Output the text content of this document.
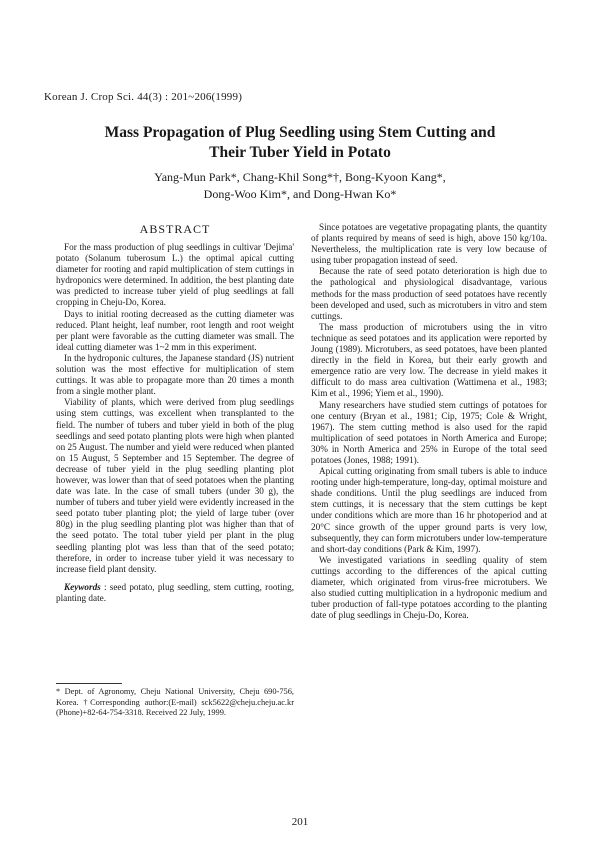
Korean J. Crop Sci. 44(3) : 201~206(1999)
Mass Propagation of Plug Seedling using Stem Cutting and
Their Tuber Yield in Potato
Yang-Mun Park*, Chang-Khil Song*†, Bong-Kyoon Kang*,
Dong-Woo Kim*, and Dong-Hwan Ko*
ABSTRACT

For the mass production of plug seedlings in cultivar 'Dejima' potato (Solanum tuberosum L.) the optimal apical cutting diameter for rooting and rapid multiplication of stem cuttings in hydroponics were determined. In addition, the best planting date was predicted to increase tuber yield of plug seedlings at fall cropping in Cheju-Do, Korea.

Days to initial rooting decreased as the cutting diameter was reduced. Plant height, leaf number, root length and root weight per plant were favorable as the cutting diameter was small. The ideal cutting diameter was 1~2 mm in this experiment.

In the hydroponic cultures, the Japanese standard (JS) nutrient solution was the most effective for multiplication of stem cuttings. It was able to propagate more than 20 times a month from a single mother plant.

Viability of plants, which were derived from plug seedlings using stem cuttings, was excellent when transplanted to the field. The number of tubers and tuber yield in both of the plug seedlings and seed potato planting plots were high when planted on 25 August. The number and yield were reduced when planted on 15 August, 5 September and 15 September. The degree of decrease of tuber yield in the plug seedling planting plot however, was lower than that of seed potatoes when the planting date was late. In the case of small tubers (under 30 g), the number of tubers and tuber yield were evidently increased in the seed potato tuber planting plot; the yield of large tuber (over 80g) in the plug seedling planting plot was higher than that of the seed potato. The total tuber yield per plant in the plug seedling planting plot was less than that of the seed potato; therefore, in order to increase tuber yield it was necessary to increase field plant density.

Keywords : seed potato, plug seedling, stem cutting, rooting, planting date.

* Dept. of Agronomy, Cheju National University, Cheju 690-756, Korea. †Corresponding author:(E-mail) sck5622@cheju.cheju.ac.kr (Phone)+82-64-754-3318. Received 22 July, 1999.

Since potatoes are vegetative propagating plants, the quantity of plants required by means of seed is high, above 150 kg/10a. Nevertheless, the multiplication rate is very low because of using tuber propagation instead of seed.

Because the rate of seed potato deterioration is high due to the pathological and physiological disadvantage, various methods for the mass production of seed potatoes have recently been developed and used, such as microtubers in vitro and stem cuttings.

The mass production of microtubers using the in vitro technique as seed potatoes and its application were reported by Joung (1989). Microtubers, as seed potatoes, have been planted directly in the field in Korea, but their early growth and emergence ratio are very low. The decrease in yield makes it difficult to do mass area cultivation (Wattimena et al., 1983; Kim et al., 1996; Yiem et al., 1990).

Many researchers have studied stem cuttings of potatoes for one century (Bryan et al., 1981; Cip, 1975; Cole & Wright, 1967). The stem cutting method is also used for the rapid multiplication of seed potatoes in North America and Europe; 30% in North America and 25% in Europe of the total seed potatoes (Jones, 1988; 1991).

Apical cutting originating from small tubers is able to induce rooting under high-temperature, long-day, optimal moisture and shade conditions. Until the plug seedlings are induced from stem cuttings, it is necessary that the stem cuttings be kept under conditions which are more than 16 hr photoperiod and at 20°C since growth of the upper ground parts is very low, subsequently, they can form microtubers under low-temperature and short-day conditions (Park & Kim, 1997).

We investigated variations in seedling quality of stem cuttings according to the differences of the apical cutting diameter, which originated from virus-free microtubers. We also studied cutting multiplication in a hydroponic medium and tuber production of fall-type potatoes according to the planting date of plug seedlings in Cheju-Do, Korea.

201
